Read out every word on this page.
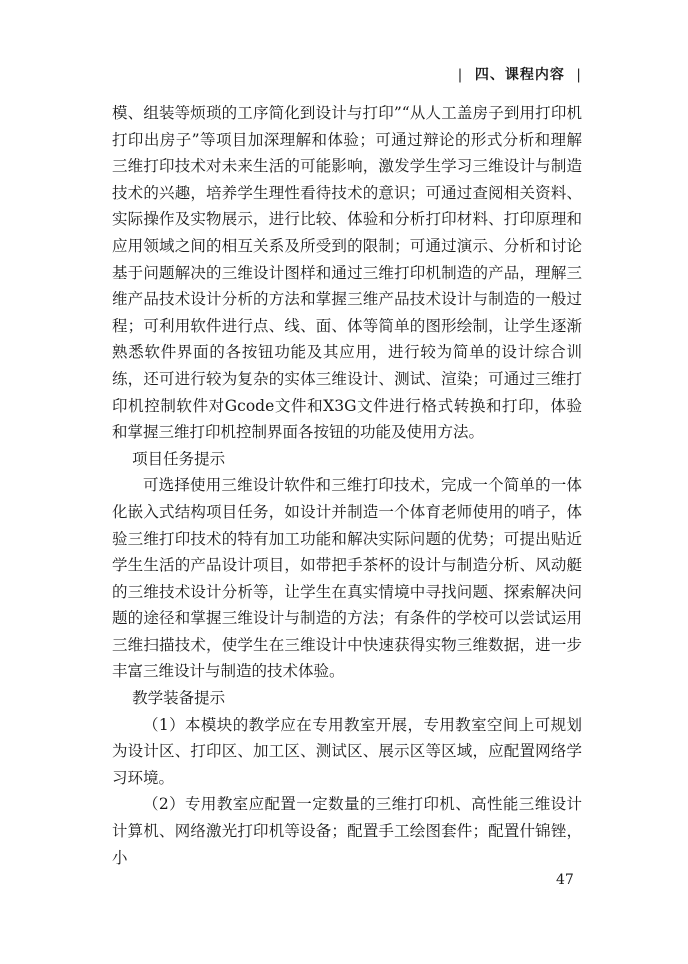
| 四、课程内容 |

模、组装等烦琐的工序简化到设计与打印”“从人工盖房子到用打印机打印出房子”等项目加深理解和体验；可通过辩论的形式分析和理解三维打印技术对未来生活的可能影响，激发学生学习三维设计与制造技术的兴趣，培养学生理性看待技术的意识；可通过查阅相关资料、实际操作及实物展示，进行比较、体验和分析打印材料、打印原理和应用领域之间的相互关系及所受到的限制；可通过演示、分析和讨论基于问题解决的三维设计图样和通过三维打印机制造的产品，理解三维产品技术设计分析的方法和掌握三维产品技术设计与制造的一般过程；可利用软件进行点、线、面、体等简单的图形绘制，让学生逐渐熟悉软件界面的各按钮功能及其应用，进行较为简单的设计综合训练，还可进行较为复杂的实体三维设计、测试、渲染；可通过三维打印机控制软件对Gcode文件和X3G文件进行格式转换和打印，体验和掌握三维打印机控制界面各按钮的功能及使用方法。

项目任务提示

可选择使用三维设计软件和三维打印技术，完成一个简单的一体化嵌入式结构项目任务，如设计并制造一个体育老师使用的哨子，体验三维打印技术的特有加工功能和解决实际问题的优势；可提出贴近学生生活的产品设计项目，如带把手茶杯的设计与制造分析、风动艇的三维技术设计分析等，让学生在真实情境中寻找问题、探索解决问题的途径和掌握三维设计与制造的方法；有条件的学校可以尝试运用三维扫描技术，使学生在三维设计中快速获得实物三维数据，进一步丰富三维设计与制造的技术体验。

教学装备提示

（1）本模块的教学应在专用教室开展，专用教室空间上可规划为设计区、打印区、加工区、测试区、展示区等区域，应配置网络学习环境。

（2）专用教室应配置一定数量的三维打印机、高性能三维设计计算机、网络激光打印机等设备；配置手工绘图套件；配置什锦锉，小

47
